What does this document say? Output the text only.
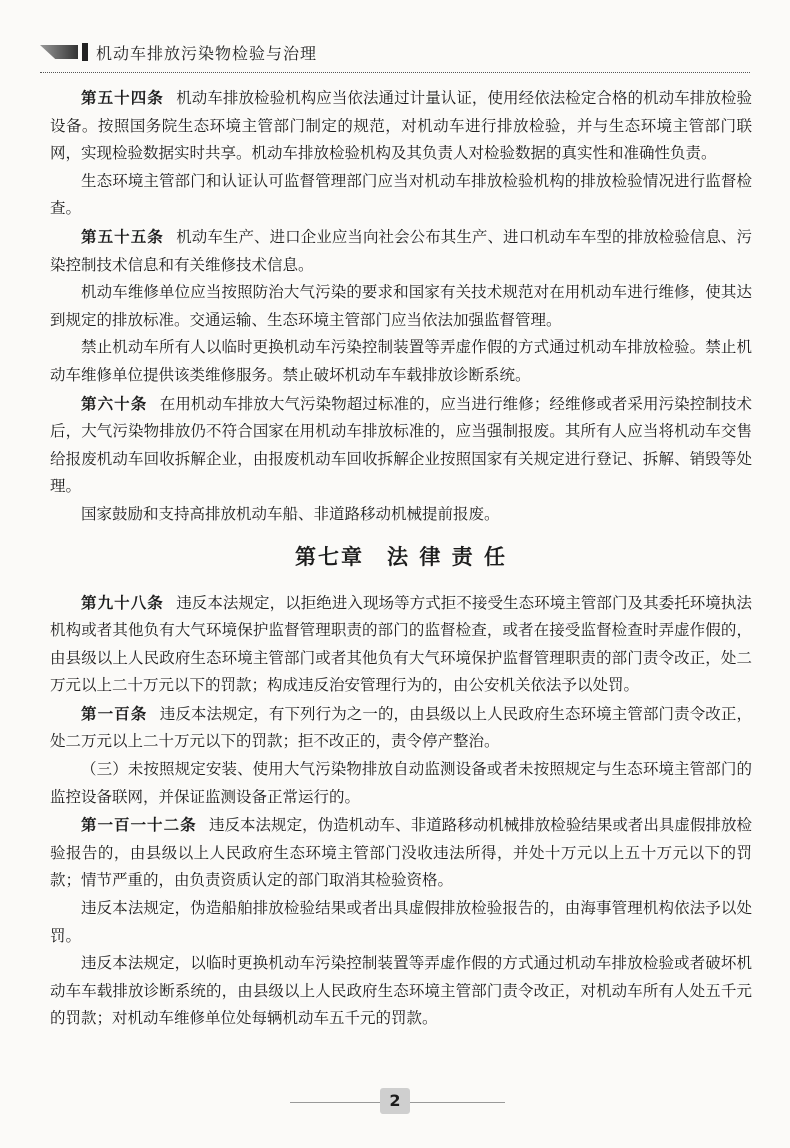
机动车排放污染物检验与治理

第五十四条 机动车排放检验机构应当依法通过计量认证，使用经依法检定合格的机动车排放检验设备。按照国务院生态环境主管部门制定的规范，对机动车进行排放检验，并与生态环境主管部门联网，实现检验数据实时共享。机动车排放检验机构及其负责人对检验数据的真实性和准确性负责。

生态环境主管部门和认证认可监督管理部门应当对机动车排放检验机构的排放检验情况进行监督检查。

第五十五条 机动车生产、进口企业应当向社会公布其生产、进口机动车车型的排放检验信息、污染控制技术信息和有关维修技术信息。

机动车维修单位应当按照防治大气污染的要求和国家有关技术规范对在用机动车进行维修，使其达到规定的排放标准。交通运输、生态环境主管部门应当依法加强监督管理。

禁止机动车所有人以临时更换机动车污染控制装置等弄虚作假的方式通过机动车排放检验。禁止机动车维修单位提供该类维修服务。禁止破坏机动车车载排放诊断系统。

第六十条 在用机动车排放大气污染物超过标准的，应当进行维修；经维修或者采用污染控制技术后，大气污染物排放仍不符合国家在用机动车排放标准的，应当强制报废。其所有人应当将机动车交售给报废机动车回收拆解企业，由报废机动车回收拆解企业按照国家有关规定进行登记、拆解、销毁等处理。

国家鼓励和支持高排放机动车船、非道路移动机械提前报废。

第七章　法 律 责 任

第九十八条 违反本法规定，以拒绝进入现场等方式拒不接受生态环境主管部门及其委托环境执法机构或者其他负有大气环境保护监督管理职责的部门的监督检查，或者在接受监督检查时弄虚作假的，由县级以上人民政府生态环境主管部门或者其他负有大气环境保护监督管理职责的部门责令改正，处二万元以上二十万元以下的罚款；构成违反治安管理行为的，由公安机关依法予以处罚。

第一百条 违反本法规定，有下列行为之一的，由县级以上人民政府生态环境主管部门责令改正，处二万元以上二十万元以下的罚款；拒不改正的，责令停产整治。

（三）未按照规定安装、使用大气污染物排放自动监测设备或者未按照规定与生态环境主管部门的监控设备联网，并保证监测设备正常运行的。

第一百一十二条 违反本法规定，伪造机动车、非道路移动机械排放检验结果或者出具虚假排放检验报告的，由县级以上人民政府生态环境主管部门没收违法所得，并处十万元以上五十万元以下的罚款；情节严重的，由负责资质认定的部门取消其检验资格。

违反本法规定，伪造船舶排放检验结果或者出具虚假排放检验报告的，由海事管理机构依法予以处罚。

违反本法规定，以临时更换机动车污染控制装置等弄虚作假的方式通过机动车排放检验或者破坏机动车车载排放诊断系统的，由县级以上人民政府生态环境主管部门责令改正，对机动车所有人处五千元的罚款；对机动车维修单位处每辆机动车五千元的罚款。

2
